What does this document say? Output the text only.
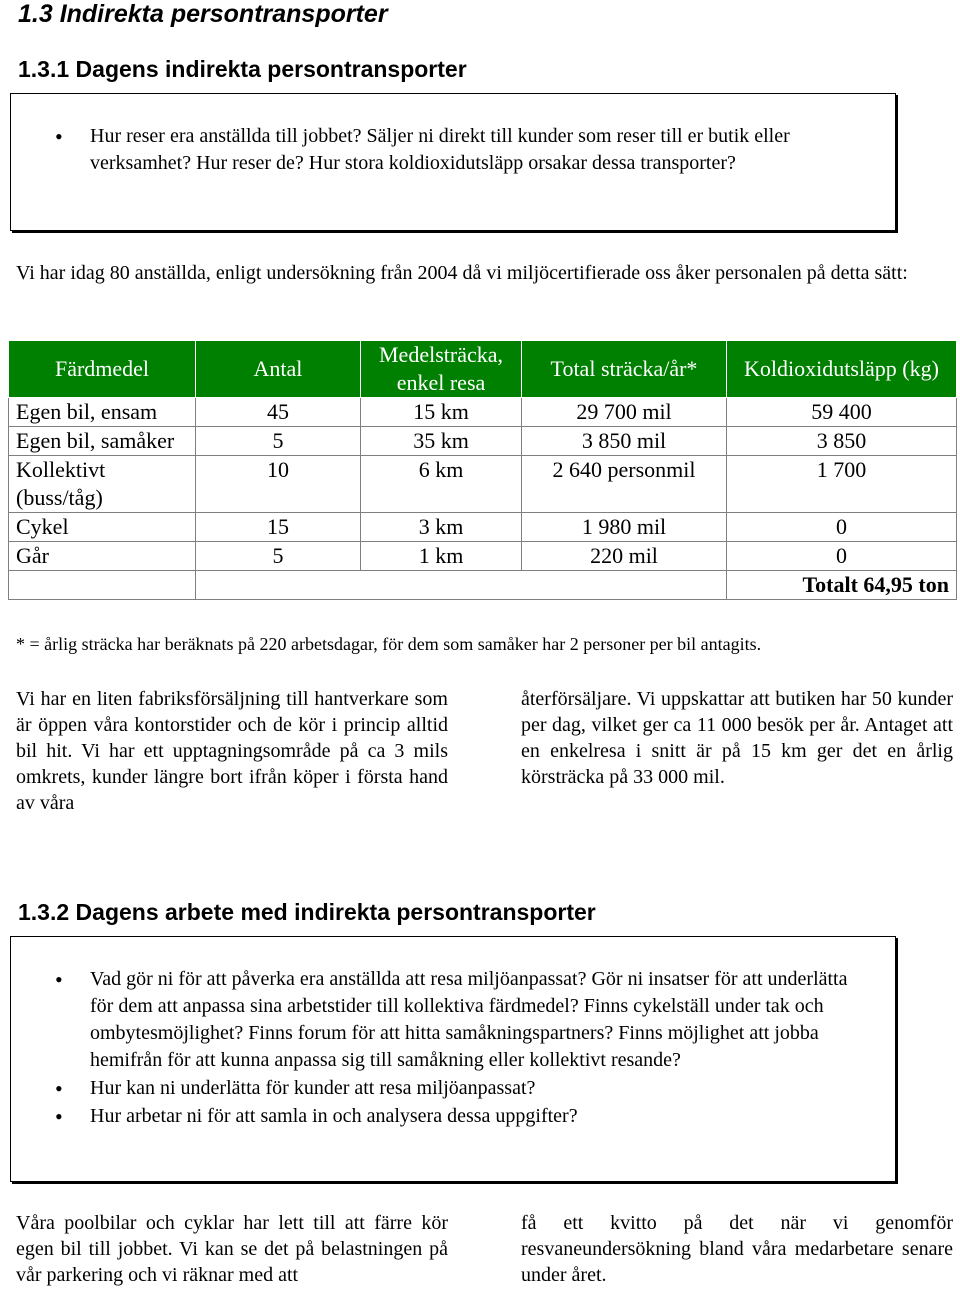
1.3 Indirekta persontransporter
1.3.1 Dagens indirekta persontransporter
• Hur reser era anställda till jobbet? Säljer ni direkt till kunder som reser till er butik eller verksamhet? Hur reser de? Hur stora koldioxidutsläpp orsakar dessa transporter?

Vi har idag 80 anställda, enligt undersökning från 2004 då vi miljöcertifierade oss åker personalen på detta sätt:

Färdmedel	Antal	Medelsträcka, enkel resa	Total sträcka/år*	Koldioxidutsläpp (kg)
Egen bil, ensam	45	15 km	29 700 mil	59 400
Egen bil, samåker	5	35 km	3 850 mil	3 850
Kollektivt (buss/tåg)	10	6 km	2 640 personmil	1 700
Cykel	15	3 km	1 980 mil	0
Går	5	1 km	220 mil	0
				Totalt 64,95 ton

* = årlig sträcka har beräknats på 220 arbetsdagar, för dem som samåker har 2 personer per bil antagits.

Vi har en liten fabriksförsäljning till hantverkare som är öppen våra kontorstider och de kör i princip alltid bil hit. Vi har ett upptagningsområde på ca 3 mils omkrets, kunder längre bort ifrån köper i första hand av våra

återförsäljare. Vi uppskattar att butiken har 50 kunder per dag, vilket ger ca 11 000 besök per år. Antaget att en enkelresa i snitt är på 15 km ger det en årlig körsträcka på 33 000 mil.

1.3.2 Dagens arbete med indirekta persontransporter
• Vad gör ni för att påverka era anställda att resa miljöanpassat? Gör ni insatser för att underlätta för dem att anpassa sina arbetstider till kollektiva färdmedel? Finns cykelställ under tak och ombytesmöjlighet? Finns forum för att hitta samåkningspartners? Finns möjlighet att jobba hemifrån för att kunna anpassa sig till samåkning eller kollektivt resande?
• Hur kan ni underlätta för kunder att resa miljöanpassat?
• Hur arbetar ni för att samla in och analysera dessa uppgifter?

Våra poolbilar och cyklar har lett till att färre kör egen bil till jobbet. Vi kan se det på belastningen på vår parkering och vi räknar med att

få ett kvitto på det när vi genomför resvaneundersökning bland våra medarbetare senare under året.
